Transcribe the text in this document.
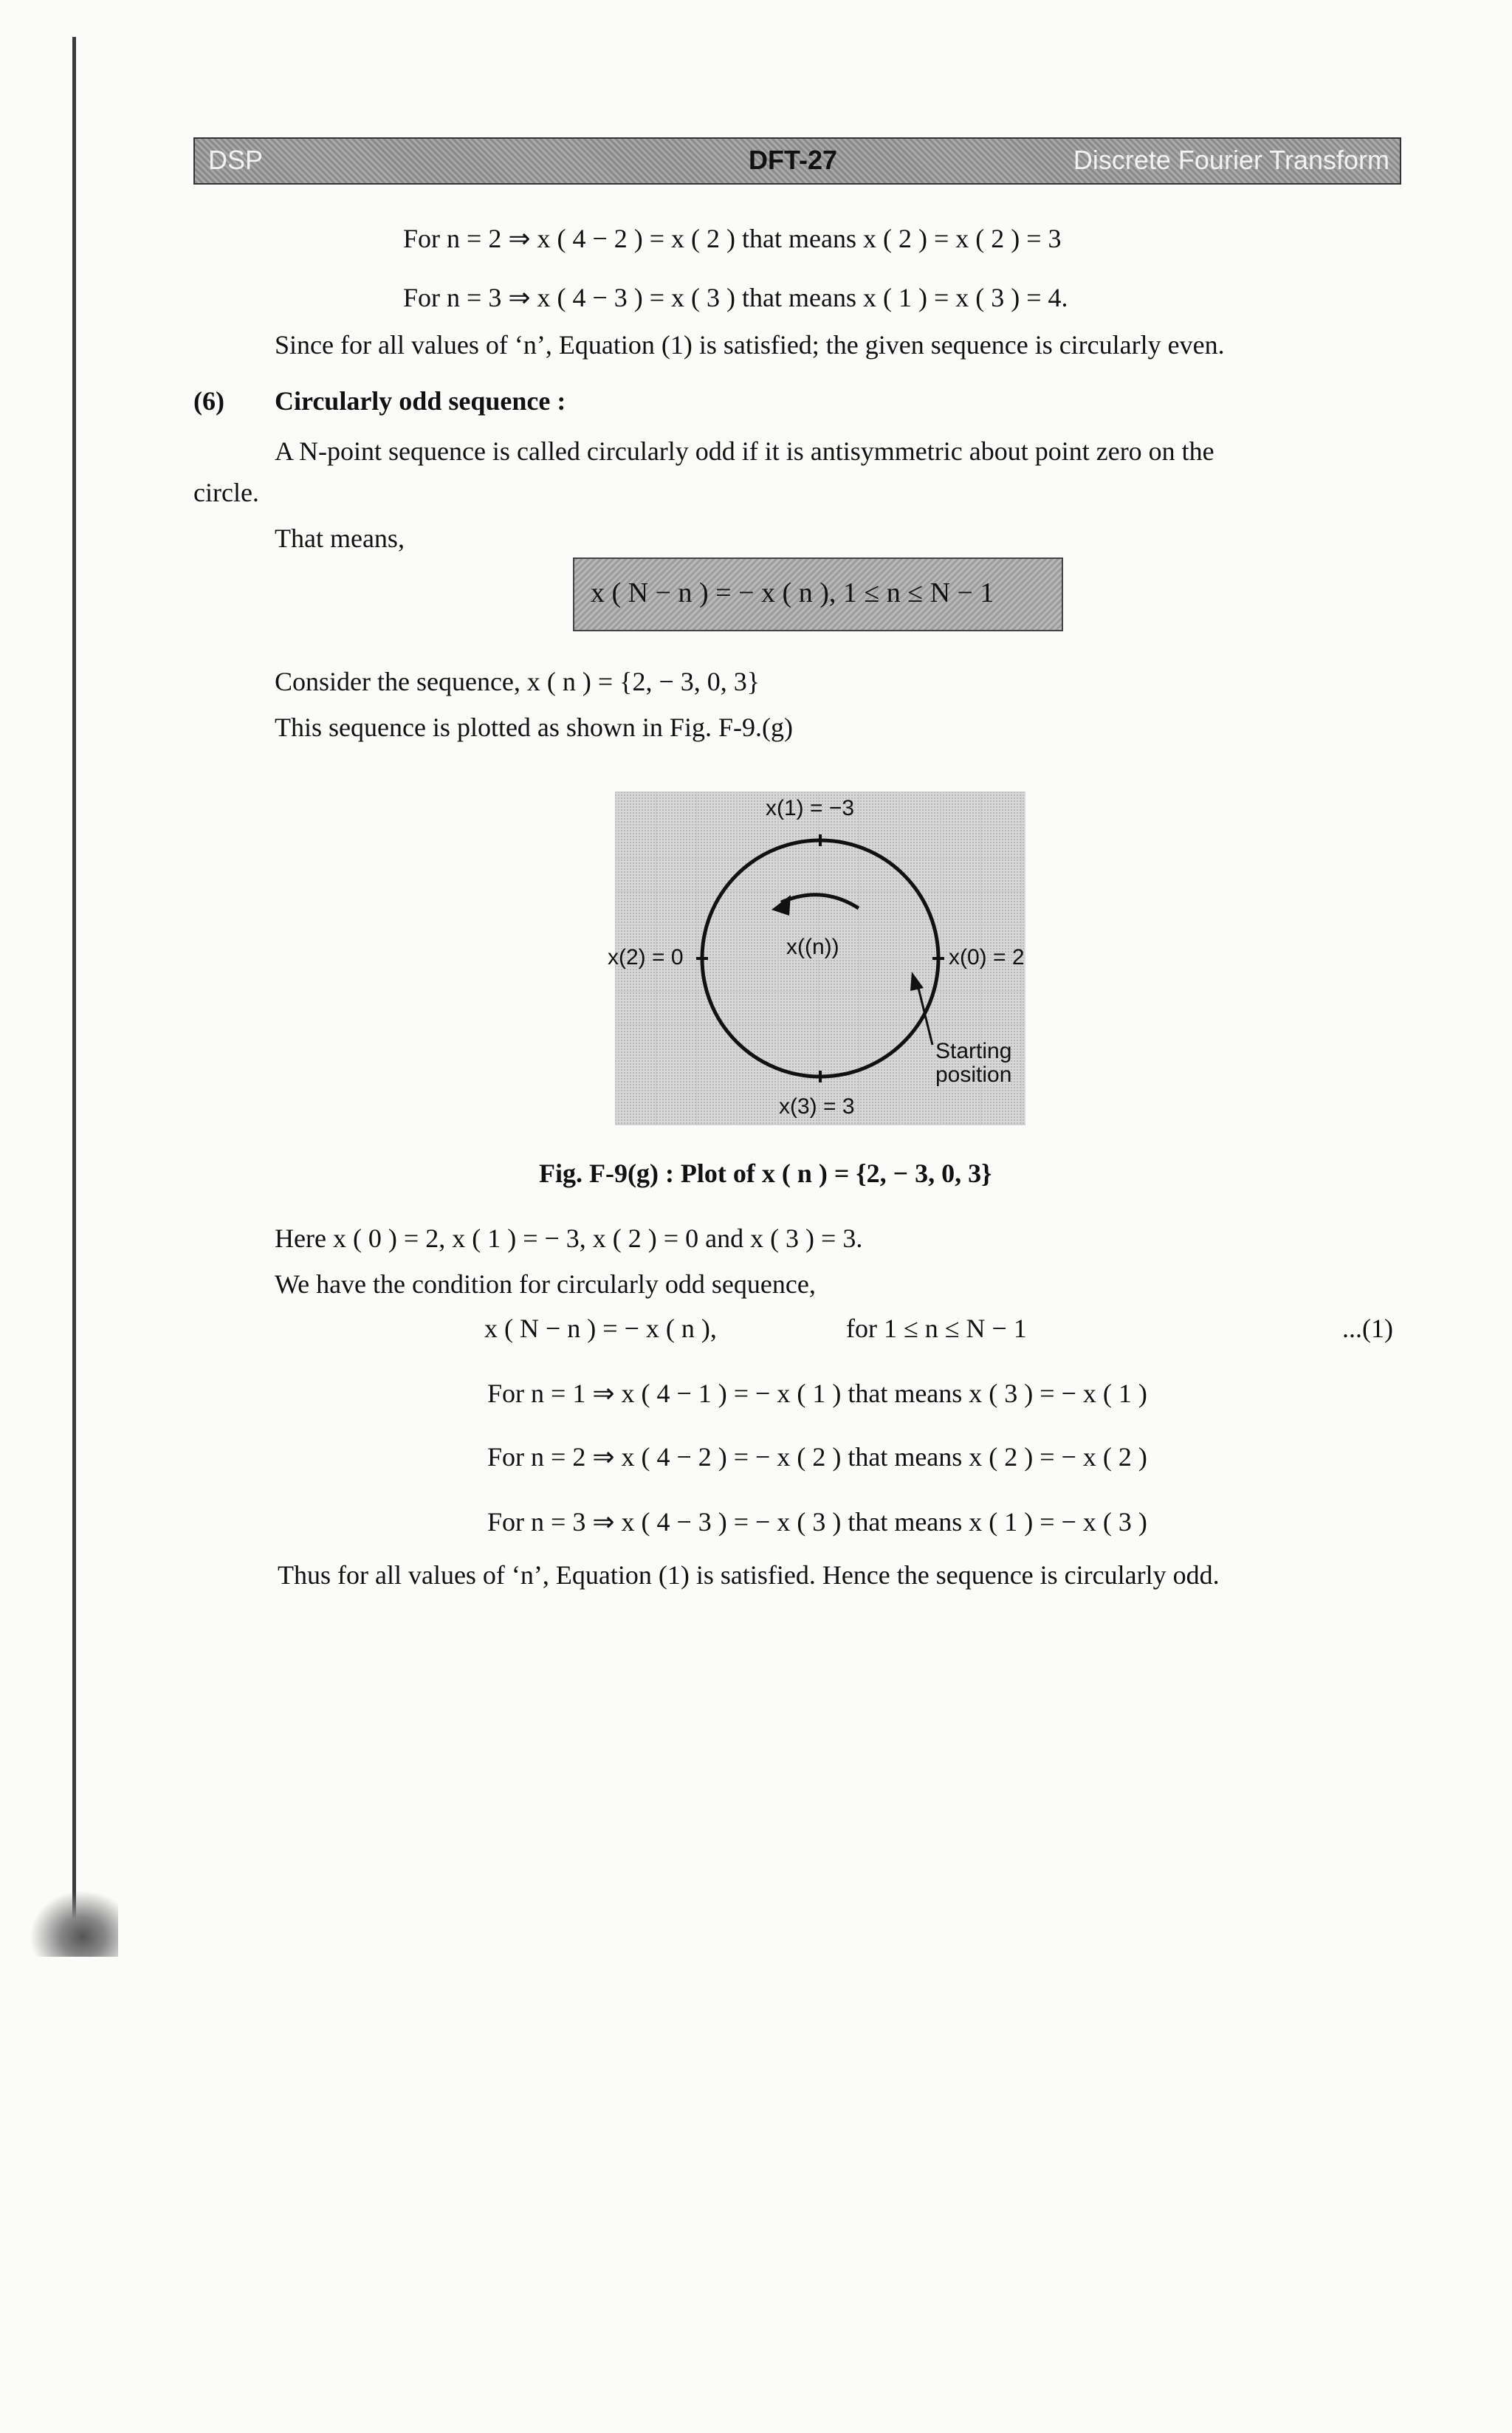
DSP	DFT-27	Discrete Fourier Transform
For n = 2 ⇒ x ( 4 − 2 ) = x ( 2 ) that means x ( 2 ) = x ( 2 ) = 3
For n = 3 ⇒ x ( 4 − 3 ) = x ( 3 ) that means x ( 1 ) = x ( 3 ) = 4.
Since for all values of ‘n’, Equation (1) is satisfied; the given sequence is circularly even.
(6) Circularly odd sequence :
A N-point sequence is called circularly odd if it is antisymmetric about point zero on the
circle.
That means,
x ( N − n ) = − x ( n ), 1 ≤ n ≤ N − 1
Consider the sequence, x ( n ) = {2, − 3, 0, 3}
This sequence is plotted as shown in Fig. F-9.(g)
x(1) = −3
x(2) = 0	x(0) = 2
x(3) = 3
x((n))
Starting
position
Fig. F-9(g) : Plot of x ( n ) = {2, − 3, 0, 3}
Here x ( 0 ) = 2, x ( 1 ) = − 3, x ( 2 ) = 0 and x ( 3 ) = 3.
We have the condition for circularly odd sequence,
x ( N − n ) = − x ( n ),	for 1 ≤ n ≤ N − 1	...(1)
For n = 1 ⇒ x ( 4 − 1 ) = − x ( 1 ) that means x ( 3 ) = − x ( 1 )
For n = 2 ⇒ x ( 4 − 2 ) = − x ( 2 ) that means x ( 2 ) = − x ( 2 )
For n = 3 ⇒ x ( 4 − 3 ) = − x ( 3 ) that means x ( 1 ) = − x ( 3 )
Thus for all values of ‘n’, Equation (1) is satisfied. Hence the sequence is circularly odd.
